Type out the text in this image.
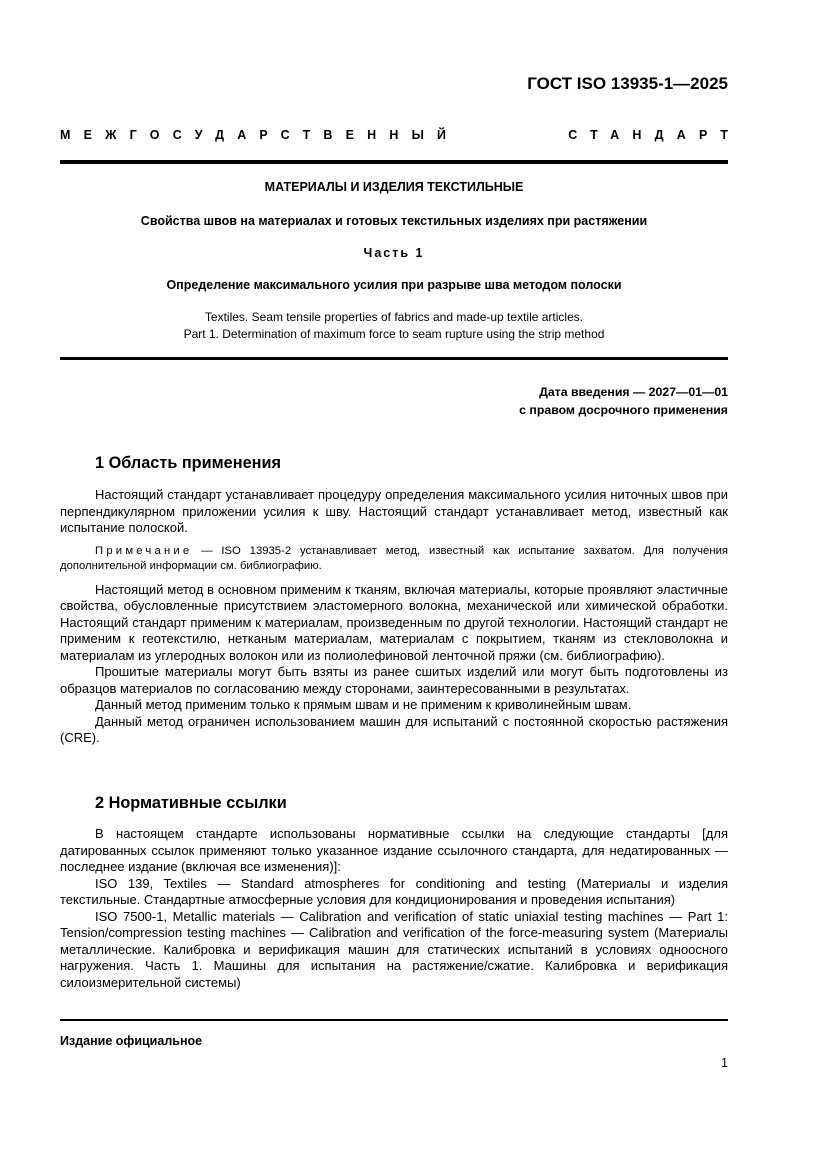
ГОСТ ISO 13935-1—2025
МЕЖГОСУДАРСТВЕННЫЙ	СТАНДАРТ
МАТЕРИАЛЫ И ИЗДЕЛИЯ ТЕКСТИЛЬНЫЕ
Свойства швов на материалах и готовых текстильных изделиях при растяжении
Часть 1
Определение максимального усилия при разрыве шва методом полоски
Textiles. Seam tensile properties of fabrics and made-up textile articles.
Part 1. Determination of maximum force to seam rupture using the strip method
Дата введения — 2027—01—01
с правом досрочного применения
1 Область применения

Настоящий стандарт устанавливает процедуру определения максимального усилия ниточных швов при перпендикулярном приложении усилия к шву. Настоящий стандарт устанавливает метод, известный как испытание полоской.

Примечание — ISO 13935-2 устанавливает метод, известный как испытание захватом. Для получения дополнительной информации см. библиографию.

Настоящий метод в основном применим к тканям, включая материалы, которые проявляют эластичные свойства, обусловленные присутствием эластомерного волокна, механической или химической обработки. Настоящий стандарт применим к материалам, произведенным по другой технологии. Настоящий стандарт не применим к геотекстилю, нетканым материалам, материалам с покрытием, тканям из стекловолокна и материалам из углеродных волокон или из полиолефиновой ленточной пряжи (см. библиографию).

Прошитые материалы могут быть взяты из ранее сшитых изделий или могут быть подготовлены из образцов материалов по согласованию между сторонами, заинтересованными в результатах.

Данный метод применим только к прямым швам и не применим к криволинейным швам.

Данный метод ограничен использованием машин для испытаний с постоянной скоростью растяжения (CRE).

2 Нормативные ссылки

В настоящем стандарте использованы нормативные ссылки на следующие стандарты [для датированных ссылок применяют только указанное издание ссылочного стандарта, для недатированных — последнее издание (включая все изменения)]:

ISO 139, Textiles — Standard atmospheres for conditioning and testing (Материалы и изделия текстильные. Стандартные атмосферные условия для кондиционирования и проведения испытания)

ISO 7500-1, Metallic materials — Calibration and verification of static uniaxial testing machines — Part 1: Tension/compression testing machines — Calibration and verification of the force-measuring system (Материалы металлические. Калибровка и верификация машин для статических испытаний в условиях одноосного нагружения. Часть 1. Машины для испытания на растяжение/сжатие. Калибровка и верификация силоизмерительной системы)

Издание официальное
1
